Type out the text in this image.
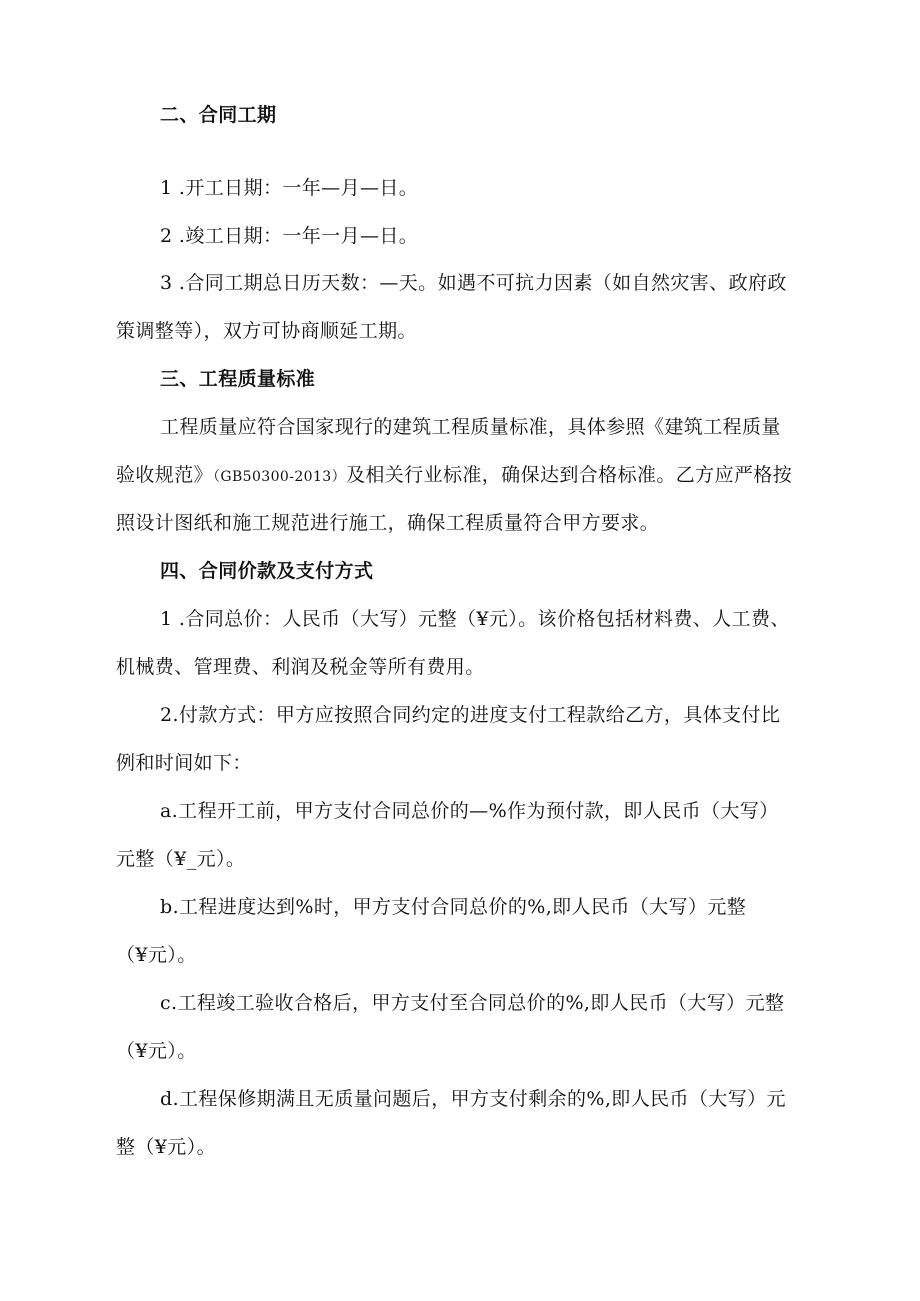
二、合同工期
1 .开工日期：一年—月—日。
2 .竣工日期：一年一月—日。
3 .合同工期总日历天数：—天。如遇不可抗力因素（如自然灾害、政府政
策调整等），双方可协商顺延工期。
三、工程质量标准
工程质量应符合国家现行的建筑工程质量标准，具体参照《建筑工程质量
验收规范》（GB50300-2013）及相关行业标准，确保达到合格标准。乙方应严格按
照设计图纸和施工规范进行施工，确保工程质量符合甲方要求。
四、合同价款及支付方式
1 .合同总价：人民币（大写）元整（¥元）。该价格包括材料费、人工费、
机械费、管理费、利润及税金等所有费用。
2.付款方式：甲方应按照合同约定的进度支付工程款给乙方，具体支付比
例和时间如下：
a.工程开工前，甲方支付合同总价的—%作为预付款，即人民币（大写）
元整（¥_元）。
b.工程进度达到%时，甲方支付合同总价的%,即人民币（大写）元整
（¥元）。
c.工程竣工验收合格后，甲方支付至合同总价的%,即人民币（大写）元整
（¥元）。
d.工程保修期满且无质量问题后，甲方支付剩余的%,即人民币（大写）元
整（¥元）。
